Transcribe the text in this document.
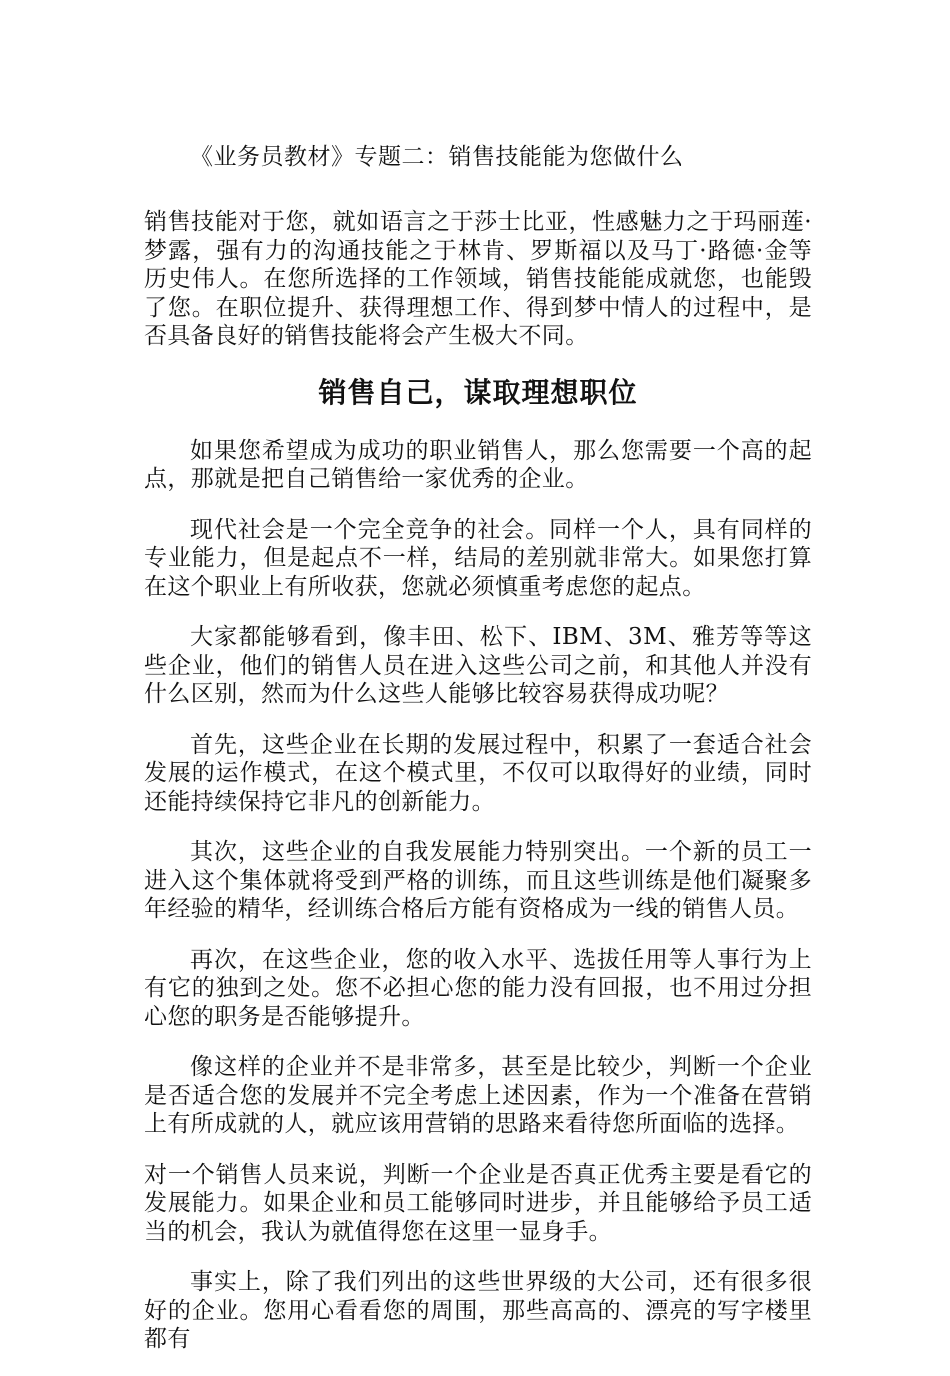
《业务员教材》专题二：销售技能能为您做什么

销售技能对于您，就如语言之于莎士比亚，性感魅力之于玛丽莲·梦露，强有力的沟通技能之于林肯、罗斯福以及马丁·路德·金等历史伟人。在您所选择的工作领域，销售技能能成就您，也能毁了您。在职位提升、获得理想工作、得到梦中情人的过程中，是否具备良好的销售技能将会产生极大不同。

销售自己，谋取理想职位

如果您希望成为成功的职业销售人，那么您需要一个高的起点，那就是把自己销售给一家优秀的企业。

现代社会是一个完全竞争的社会。同样一个人，具有同样的专业能力，但是起点不一样，结局的差别就非常大。如果您打算在这个职业上有所收获，您就必须慎重考虑您的起点。

大家都能够看到，像丰田、松下、IBM、3M、雅芳等等这些企业，他们的销售人员在进入这些公司之前，和其他人并没有什么区别，然而为什么这些人能够比较容易获得成功呢？

首先，这些企业在长期的发展过程中，积累了一套适合社会发展的运作模式，在这个模式里，不仅可以取得好的业绩，同时还能持续保持它非凡的创新能力。

其次，这些企业的自我发展能力特别突出。一个新的员工一进入这个集体就将受到严格的训练，而且这些训练是他们凝聚多年经验的精华，经训练合格后方能有资格成为一线的销售人员。

再次，在这些企业，您的收入水平、选拔任用等人事行为上有它的独到之处。您不必担心您的能力没有回报，也不用过分担心您的职务是否能够提升。

像这样的企业并不是非常多，甚至是比较少，判断一个企业是否适合您的发展并不完全考虑上述因素，作为一个准备在营销上有所成就的人，就应该用营销的思路来看待您所面临的选择。

对一个销售人员来说，判断一个企业是否真正优秀主要是看它的发展能力。如果企业和员工能够同时进步，并且能够给予员工适当的机会，我认为就值得您在这里一显身手。

事实上，除了我们列出的这些世界级的大公司，还有很多很好的企业。您用心看看您的周围，那些高高的、漂亮的写字楼里都有
